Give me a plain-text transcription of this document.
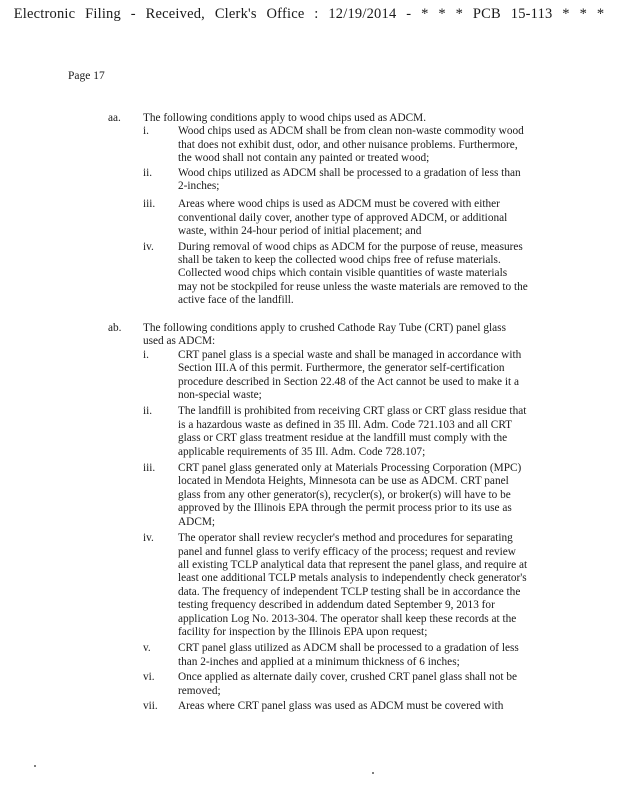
Electronic Filing - Received, Clerk's Office : 12/19/2014 - * * * PCB 15-113 * * *
Page 17
aa. The following conditions apply to wood chips used as ADCM.
i.	Wood chips used as ADCM shall be from clean non-waste commodity wood that does not exhibit dust, odor, and other nuisance problems. Furthermore, the wood shall not contain any painted or treated wood;
ii. Wood chips utilized as ADCM shall be processed to a gradation of less than 2-inches;
iii. Areas where wood chips is used as ADCM must be covered with either conventional daily cover, another type of approved ADCM, or additional waste, within 24-hour period of initial placement; and
iv. During removal of wood chips as ADCM for the purpose of reuse, measures shall be taken to keep the collected wood chips free of refuse materials. Collected wood chips which contain visible quantities of waste materials may not be stockpiled for reuse unless the waste materials are removed to the active face of the landfill.
ab. The following conditions apply to crushed Cathode Ray Tube (CRT) panel glass used as ADCM:
i.	CRT panel glass is a special waste and shall be managed in accordance with Section III.A of this permit. Furthermore, the generator self-certification procedure described in Section 22.48 of the Act cannot be used to make it a non-special waste;
ii. The landfill is prohibited from receiving CRT glass or CRT glass residue that is a hazardous waste as defined in 35 Ill. Adm. Code 721.103 and all CRT glass or CRT glass treatment residue at the landfill must comply with the applicable requirements of 35 Ill. Adm. Code 728.107;
iii. CRT panel glass generated only at Materials Processing Corporation (MPC) located in Mendota Heights, Minnesota can be use as ADCM. CRT panel glass from any other generator(s), recycler(s), or broker(s) will have to be approved by the Illinois EPA through the permit process prior to its use as ADCM;
iv. The operator shall review recycler's method and procedures for separating panel and funnel glass to verify efficacy of the process; request and review all existing TCLP analytical data that represent the panel glass, and require at least one additional TCLP metals analysis to independently check generator's data. The frequency of independent TCLP testing shall be in accordance the testing frequency described in addendum dated September 9, 2013 for application Log No. 2013-304. The operator shall keep these records at the facility for inspection by the Illinois EPA upon request;
v. CRT panel glass utilized as ADCM shall be processed to a gradation of less than 2-inches and applied at a minimum thickness of 6 inches;
vi. Once applied as alternate daily cover, crushed CRT panel glass shall not be removed;
vii. Areas where CRT panel glass was used as ADCM must be covered with
